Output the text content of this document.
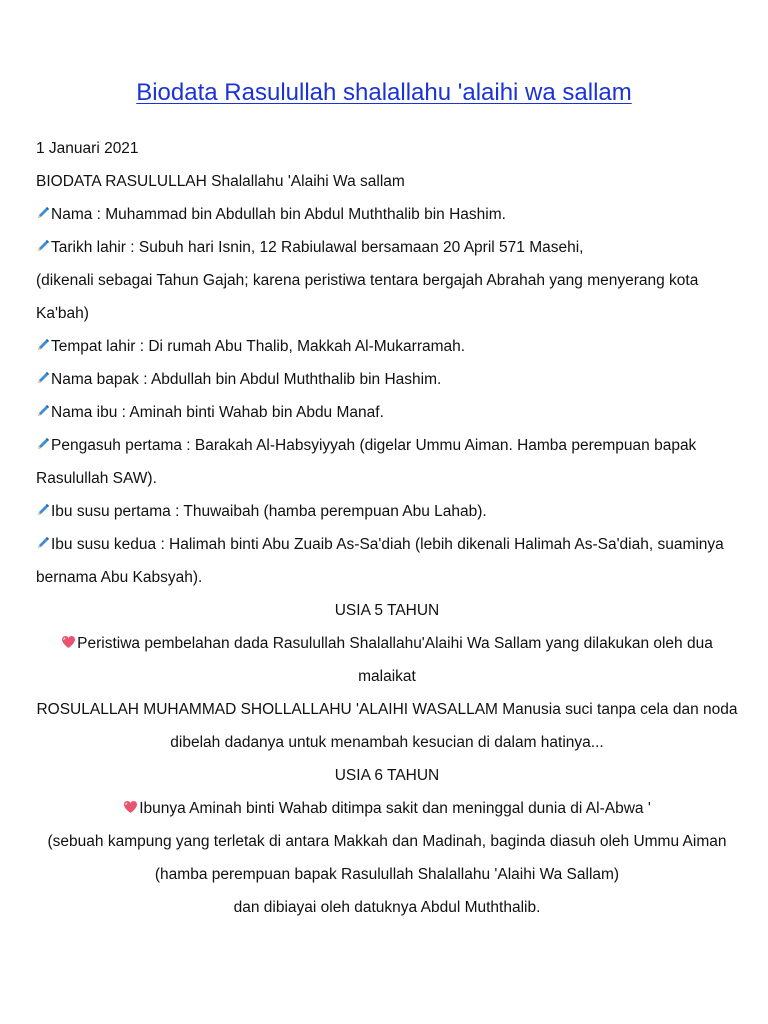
Biodata Rasulullah shalallahu 'alaihi wa sallam

1 Januari 2021

BIODATA RASULULLAH Shalallahu 'Alaihi Wa sallam

Nama : Muhammad bin Abdullah bin Abdul Muththalib bin Hashim.

Tarikh lahir : Subuh hari Isnin, 12 Rabiulawal bersamaan 20 April 571 Masehi,

(dikenali sebagai Tahun Gajah; karena peristiwa tentara bergajah Abrahah yang menyerang kota Ka'bah)

Tempat lahir : Di rumah Abu Thalib, Makkah Al-Mukarramah.

Nama bapak : Abdullah bin Abdul Muththalib bin Hashim.

Nama ibu : Aminah binti Wahab bin Abdu Manaf.

Pengasuh pertama : Barakah Al-Habsyiyyah (digelar Ummu Aiman. Hamba perempuan bapak Rasulullah SAW).

Ibu susu pertama : Thuwaibah (hamba perempuan Abu Lahab).

Ibu susu kedua : Halimah binti Abu Zuaib As-Sa'diah (lebih dikenali Halimah As-Sa'diah, suaminya bernama Abu Kabsyah).

USIA 5 TAHUN

Peristiwa pembelahan dada Rasulullah Shalallahu'Alaihi Wa Sallam yang dilakukan oleh dua malaikat

ROSULALLAH MUHAMMAD SHOLLALLAHU 'ALAIHI WASALLAM Manusia suci tanpa cela dan noda dibelah dadanya untuk menambah kesucian di dalam hatinya...

USIA 6 TAHUN

Ibunya Aminah binti Wahab ditimpa sakit dan meninggal dunia di Al-Abwa '

(sebuah kampung yang terletak di antara Makkah dan Madinah, baginda diasuh oleh Ummu Aiman (hamba perempuan bapak Rasulullah Shalallahu 'Alaihi Wa Sallam)

dan dibiayai oleh datuknya Abdul Muththalib.
